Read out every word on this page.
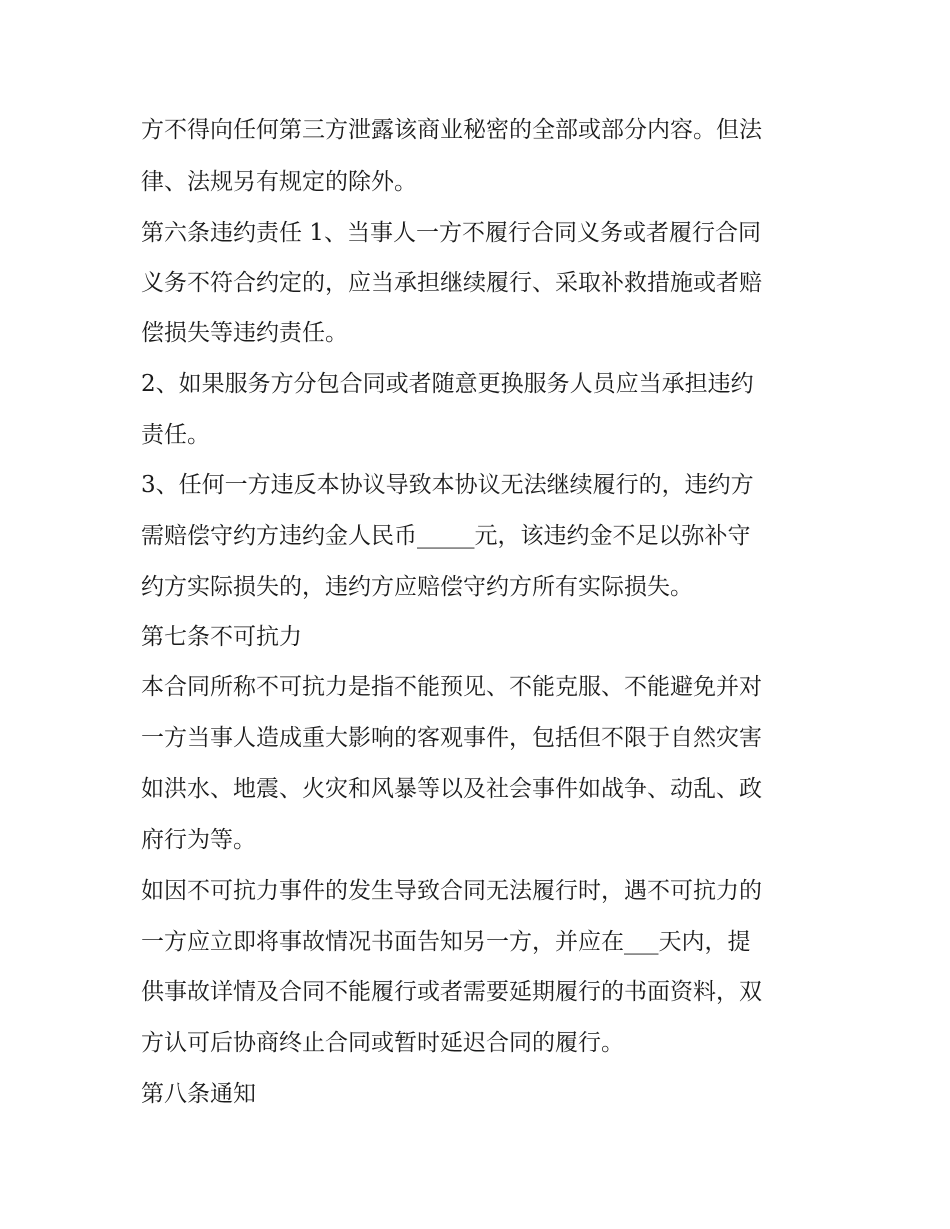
方不得向任何第三方泄露该商业秘密的全部或部分内容。但法
律、法规另有规定的除外。
第六条违约责任 1、当事人一方不履行合同义务或者履行合同
义务不符合约定的，应当承担继续履行、采取补救措施或者赔
偿损失等违约责任。
2、如果服务方分包合同或者随意更换服务人员应当承担违约
责任。
3、任何一方违反本协议导致本协议无法继续履行的，违约方
需赔偿守约方违约金人民币_____元，该违约金不足以弥补守
约方实际损失的，违约方应赔偿守约方所有实际损失。
第七条不可抗力
本合同所称不可抗力是指不能预见、不能克服、不能避免并对
一方当事人造成重大影响的客观事件，包括但不限于自然灾害
如洪水、地震、火灾和风暴等以及社会事件如战争、动乱、政
府行为等。
如因不可抗力事件的发生导致合同无法履行时，遇不可抗力的
一方应立即将事故情况书面告知另一方，并应在___天内，提
供事故详情及合同不能履行或者需要延期履行的书面资料，双
方认可后协商终止合同或暂时延迟合同的履行。
第八条通知
